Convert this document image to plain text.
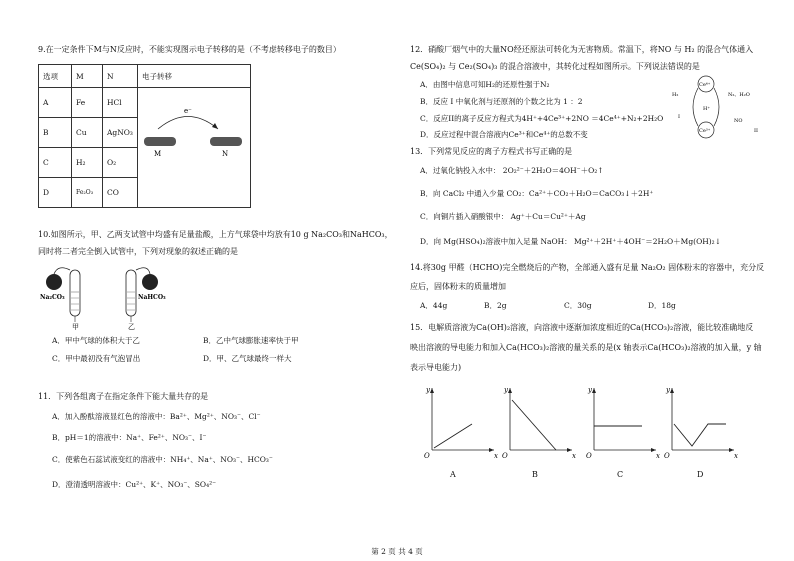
9.在一定条件下M与N反应时，不能实现图示电子转移的是（不考虑转移电子的数目）
选项	M	N	电子转移
A	Fe	HCl	e⁻
M N

B	Cu	AgNO₃	
C	H₂	O₂	
D	Fe₂O₃	CO	
10.如图所示，甲、乙两支试管中均盛有足量盐酸，上方气球袋中均放有10 g Na₂CO₃和NaHCO₃，
同时将二者完全倒入试管中，下列对现象的叙述正确的是
Na₂CO₃
甲
NaHCO₃
乙
A．甲中气球的体积大于乙	B．乙中气球膨胀速率快于甲
C．甲中最初没有气泡冒出	D．甲、乙气球最终一样大
11．下列各组离子在指定条件下能大量共存的是
A．加入酚酞溶液显红色的溶液中：Ba²⁺、Mg²⁺、NO₃⁻、Cl⁻
B．pH＝1的溶液中：Na⁺、Fe²⁺、NO₃⁻、I⁻
C．使紫色石蕊试液变红的溶液中：NH₄⁺、Na⁺、NO₃⁻、HCO₃⁻
D．澄清透明溶液中：Cu²⁺、K⁺、NO₃⁻、SO₄²⁻
12．硝酸厂烟气中的大量NO经还原法可转化为无害物质。常温下，将NO 与 H₂ 的混合气体通入
Ce(SO₄)₂ 与 Ce₂(SO₄)₃ 的混合溶液中，其转化过程如图所示。下列说法错误的是
A．由图中信息可知H₂的还原性强于N₂
B．反应 I 中氧化剂与还原剂的个数之比为 1 ：2
C．反应II的离子反应方程式为4H⁺+4Ce³⁺+2NO ＝4Ce⁴⁺+N₂+2H₂O
D．反应过程中混合溶液内Ce³⁺和Ce⁴⁺的总数不变
Ce⁴⁺
Ce³⁺
H₂
H⁺
N₂、H₂O
NO
I
II
13．下列常见反应的离子方程式书写正确的是
A．过氧化钠投入水中： 2O₂²⁻＋2H₂O＝4OH⁻＋O₂↑
B．向 CaCl₂ 中通入少量 CO₂：Ca²⁺＋CO₂＋H₂O＝CaCO₃↓＋2H⁺
C．向铜片插入硝酸银中： Ag⁺＋Cu＝Cu²⁺＋Ag
D．向 Mg(HSO₄)₂溶液中加入足量 NaOH： Mg²⁺＋2H⁺＋4OH⁻＝2H₂O＋Mg(OH)₂↓
14.将30g 甲醛（HCHO)完全燃烧后的产物，全部通入盛有足量 Na₂O₂ 固体粉末的容器中，充分反
应后，固体粉末的质量增加
A．44g	B．2g	C．30g	D．18g
15．电解质溶液为Ca(OH)₂溶液，向溶液中逐渐加浓度相近的Ca(HCO₃)₂溶液，能比较准确地反
映出溶液的导电能力和加入Ca(HCO₃)₂溶液的量关系的是(x 轴表示Ca(HCO₃)₂溶液的加入量，y 轴
表示导电能力)
y
x
O
y
x
O
y
x
O
y
x
O
A	B	C	D
第 2 页 共 4 页
